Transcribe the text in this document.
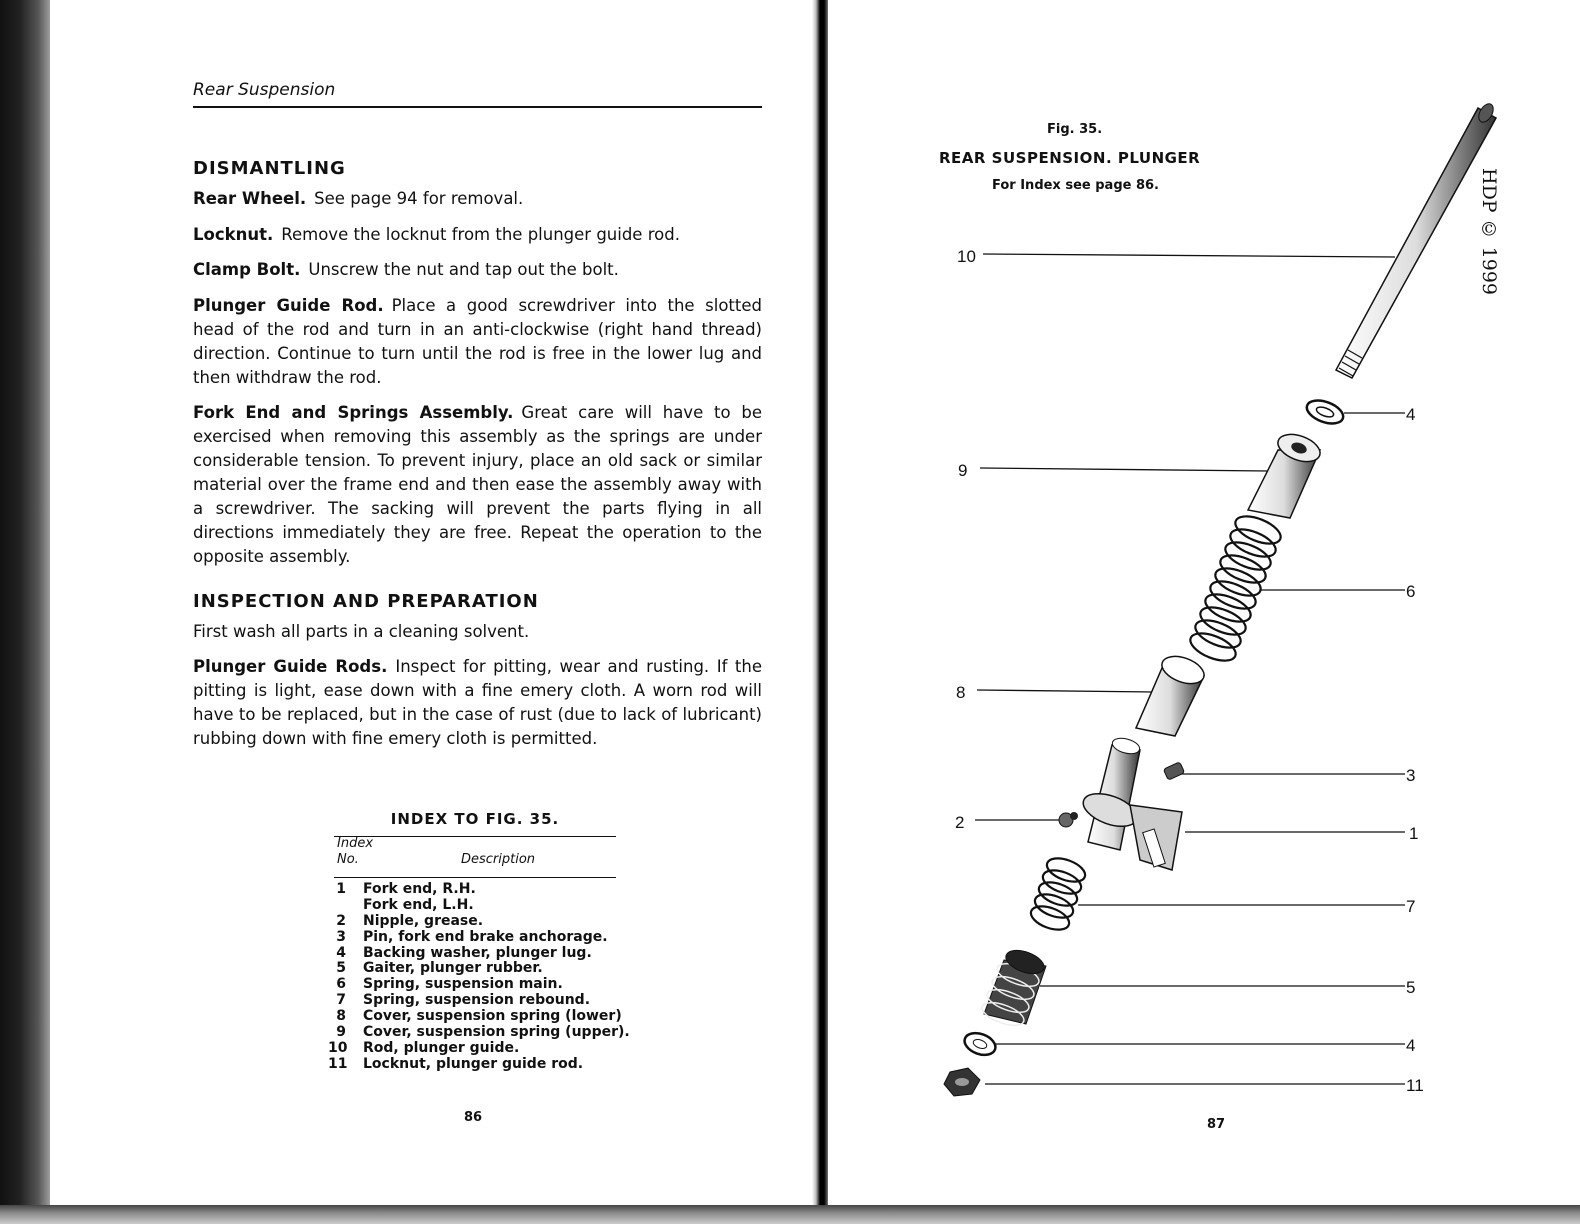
Rear Suspension
DISMANTLING
Rear Wheel. See page 94 for removal.
Locknut. Remove the locknut from the plunger guide rod.
Clamp Bolt. Unscrew the nut and tap out the bolt.
Plunger Guide Rod. Place a good screwdriver into the slotted head of the rod and turn in an anti-clockwise (right hand thread) direction. Continue to turn until the rod is free in the lower lug and then withdraw the rod.
Fork End and Springs Assembly. Great care will have to be exercised when removing this assembly as the springs are under considerable tension. To prevent injury, place an old sack or similar material over the frame end and then ease the assembly away with a screwdriver. The sacking will prevent the parts flying in all directions immediately they are free. Repeat the operation to the opposite assembly.
INSPECTION AND PREPARATION
First wash all parts in a cleaning solvent.
Plunger Guide Rods. Inspect for pitting, wear and rusting. If the pitting is light, ease down with a fine emery cloth. A worn rod will have to be replaced, but in the case of rust (due to lack of lubricant) rubbing down with fine emery cloth is permitted.
INDEX TO FIG. 35.
Index
No.	Description
1 Fork end, R.H.
Fork end, L.H.
2 Nipple, grease.
3 Pin, fork end brake anchorage.
4 Backing washer, plunger lug.
5 Gaiter, plunger rubber.
6 Spring, suspension main.
7 Spring, suspension rebound.
8 Cover, suspension spring (lower)
9 Cover, suspension spring (upper).
10 Rod, plunger guide.
11 Locknut, plunger guide rod.
86
Fig. 35.
REAR SUSPENSION. PLUNGER
For Index see page 86.	HDP © 1999
10
9
8
2
4
6
3
1
7
5
4
11
87
